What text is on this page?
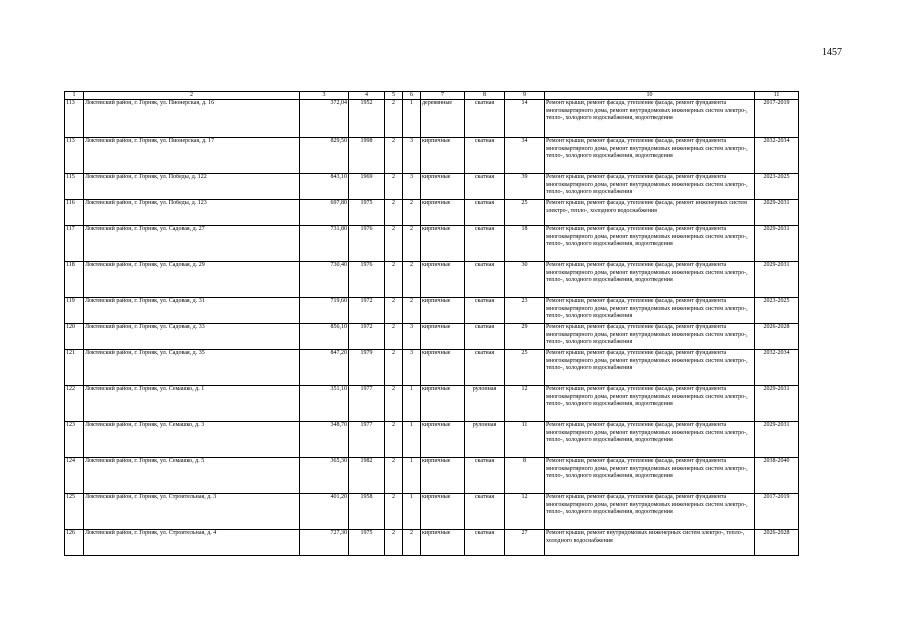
1457
1	2	3	4	5	6	7	8	9	10	11
113	Локтевский район, г. Горняк, ул. Пионерская, д. 16	372,04	1952	2	1	деревянные	скатная	14	Ремонт крыши, ремонт фасада, утепление фасада, ремонт фундамента многоквартирного дома, ремонт внутридомовых инженерных систем электро-, тепло-, холодного водоснабжения, водоотведения	2017-2019
113	Локтевский район, г. Горняк, ул. Пионерская, д. 17	829,50	1998	2	3	кирпичные	скатная	34	Ремонт крыши, ремонт фасада, утепление фасада, ремонт фундамента многоквартирного дома, ремонт внутридомовых инженерных систем электро-, тепло-, холодного водоснабжения, водоотведения	2032-2034
115	Локтевский район, г. Горняк, ул. Победы, д. 122	843,10	1969	2	3	кирпичные	скатная	39	Ремонт крыши, ремонт фасада, утепление фасада, ремонт фундамента многоквартирного дома, ремонт внутридомовых инженерных систем электро-, тепло-, холодного водоснабжения	2023-2025
116	Локтевский район, г. Горняк, ул. Победы, д. 123	697,80	1975	2	2	кирпичные	скатная	25	Ремонт крыши, ремонт фасада, утепление фасада, ремонт инженерных систем электро-, тепло-, холодного водоснабжения	2029-2031
117	Локтевский район, г. Горняк, ул. Садовая, д. 27	731,80	1976	2	2	кирпичные	скатная	18	Ремонт крыши, ремонт фасада, утепление фасада, ремонт фундамента многоквартирного дома, ремонт внутридомовых инженерных систем электро-, тепло-, холодного водоснабжения, водоотведения	2029-2031
118	Локтевский район, г. Горняк, ул. Садовая, д. 29	730,40	1976	2	2	кирпичные	скатная	30	Ремонт крыши, ремонт фасада, утепление фасада, ремонт фундамента многоквартирного дома, ремонт внутридомовых инженерных систем электро-, тепло-, холодного водоснабжения, водоотведения	2029-2031
119	Локтевский район, г. Горняк, ул. Садовая, д. 31	719,60	1972	2	2	кирпичные	скатная	23	Ремонт крыши, ремонт фасада, утепление фасада, ремонт фундамента многоквартирного дома, ремонт внутридомовых инженерных систем электро-, тепло-, холодного водоснабжения	2023-2025
120	Локтевский район, г. Горняк, ул. Садовая, д. 33	856,10	1972	2	3	кирпичные	скатная	29	Ремонт крыши, ремонт фасада, утепление фасада, ремонт фундамента многоквартирного дома, ремонт внутридомовых инженерных систем электро-, тепло-, холодного водоснабжения	2026-2028
121	Локтевский район, г. Горняк, ул. Садовая, д. 35	847,20	1979	2	3	кирпичные	скатная	25	Ремонт крыши, ремонт фасада, утепление фасада, ремонт фундамента многоквартирного дома, ремонт внутридомовых инженерных систем электро-, тепло-, холодного водоснабжения	2032-2034
122	Локтевский район, г. Горняк, ул. Семашко, д. 1	351,10	1977	2	1	кирпичные	рулонная	12	Ремонт крыши, ремонт фасада, утепление фасада, ремонт фундамента многоквартирного дома, ремонт внутридомовых инженерных систем электро-, тепло-, холодного водоснабжения, водоотведения	2029-2031
123	Локтевский район, г. Горняк, ул. Семашко, д. 3	348,70	1977	2	1	кирпичные	рулонная	11	Ремонт крыши, ремонт фасада, утепление фасада, ремонт фундамента многоквартирного дома, ремонт внутридомовых инженерных систем электро-, тепло-, холодного водоснабжения, водоотведения	2029-2031
124	Локтевский район, г. Горняк, ул. Семашко, д. 5	365,30	1982	2	1	кирпичные	скатная	8	Ремонт крыши, ремонт фасада, утепление фасада, ремонт фундамента многоквартирного дома, ремонт внутридомовых инженерных систем электро-, тепло-, холодного водоснабжения, водоотведения	2038-2040
125	Локтевский район, г. Горняк, ул. Строительная, д. 3	401,20	1958	2	1	кирпичные	скатная	12	Ремонт крыши, ремонт фасада, утепление фасада, ремонт фундамента многоквартирного дома, ремонт внутридомовых инженерных систем электро-, тепло-, холодного водоснабжения, водоотведения	2017-2019
126	Локтевский район, г. Горняк, ул. Строительная, д. 4	727,30	1975	2	2	кирпичные	скатная	27	Ремонт крыши, ремонт внутридомовых инженерных систем электро-, тепло-, холодного водоснабжения	2026-2028
